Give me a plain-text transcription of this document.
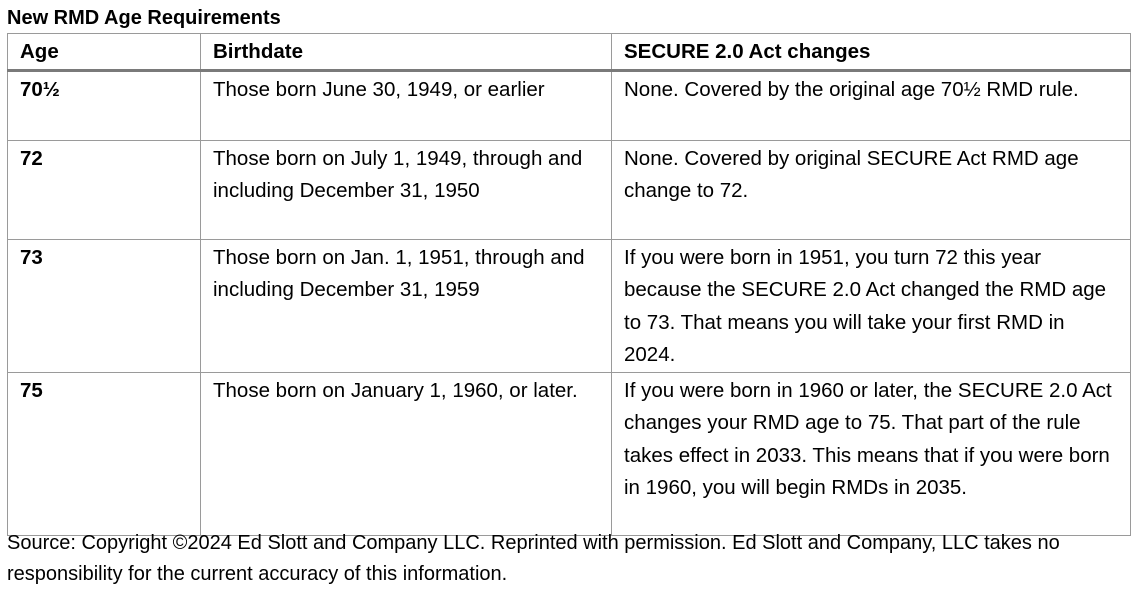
New RMD Age Requirements
Age	Birthdate	SECURE 2.0 Act changes
70½	Those born June 30, 1949, or earlier	None. Covered by the original age 70½ RMD rule.
72	Those born on July 1, 1949, through and including December 31, 1950	None. Covered by original SECURE Act RMD age change to 72.
73	Those born on Jan. 1, 1951, through and including December 31, 1959	If you were born in 1951, you turn 72 this year because the SECURE 2.0 Act changed the RMD age to 73. That means you will take your first RMD in 2024.
75	Those born on January 1, 1960, or later.	If you were born in 1960 or later, the SECURE 2.0 Act changes your RMD age to 75. That part of the rule takes effect in 2033. This means that if you were born in 1960, you will begin RMDs in 2035.
Source: Copyright ©2024 Ed Slott and Company LLC. Reprinted with permission. Ed Slott and Company, LLC takes no responsibility for the current accuracy of this information.
